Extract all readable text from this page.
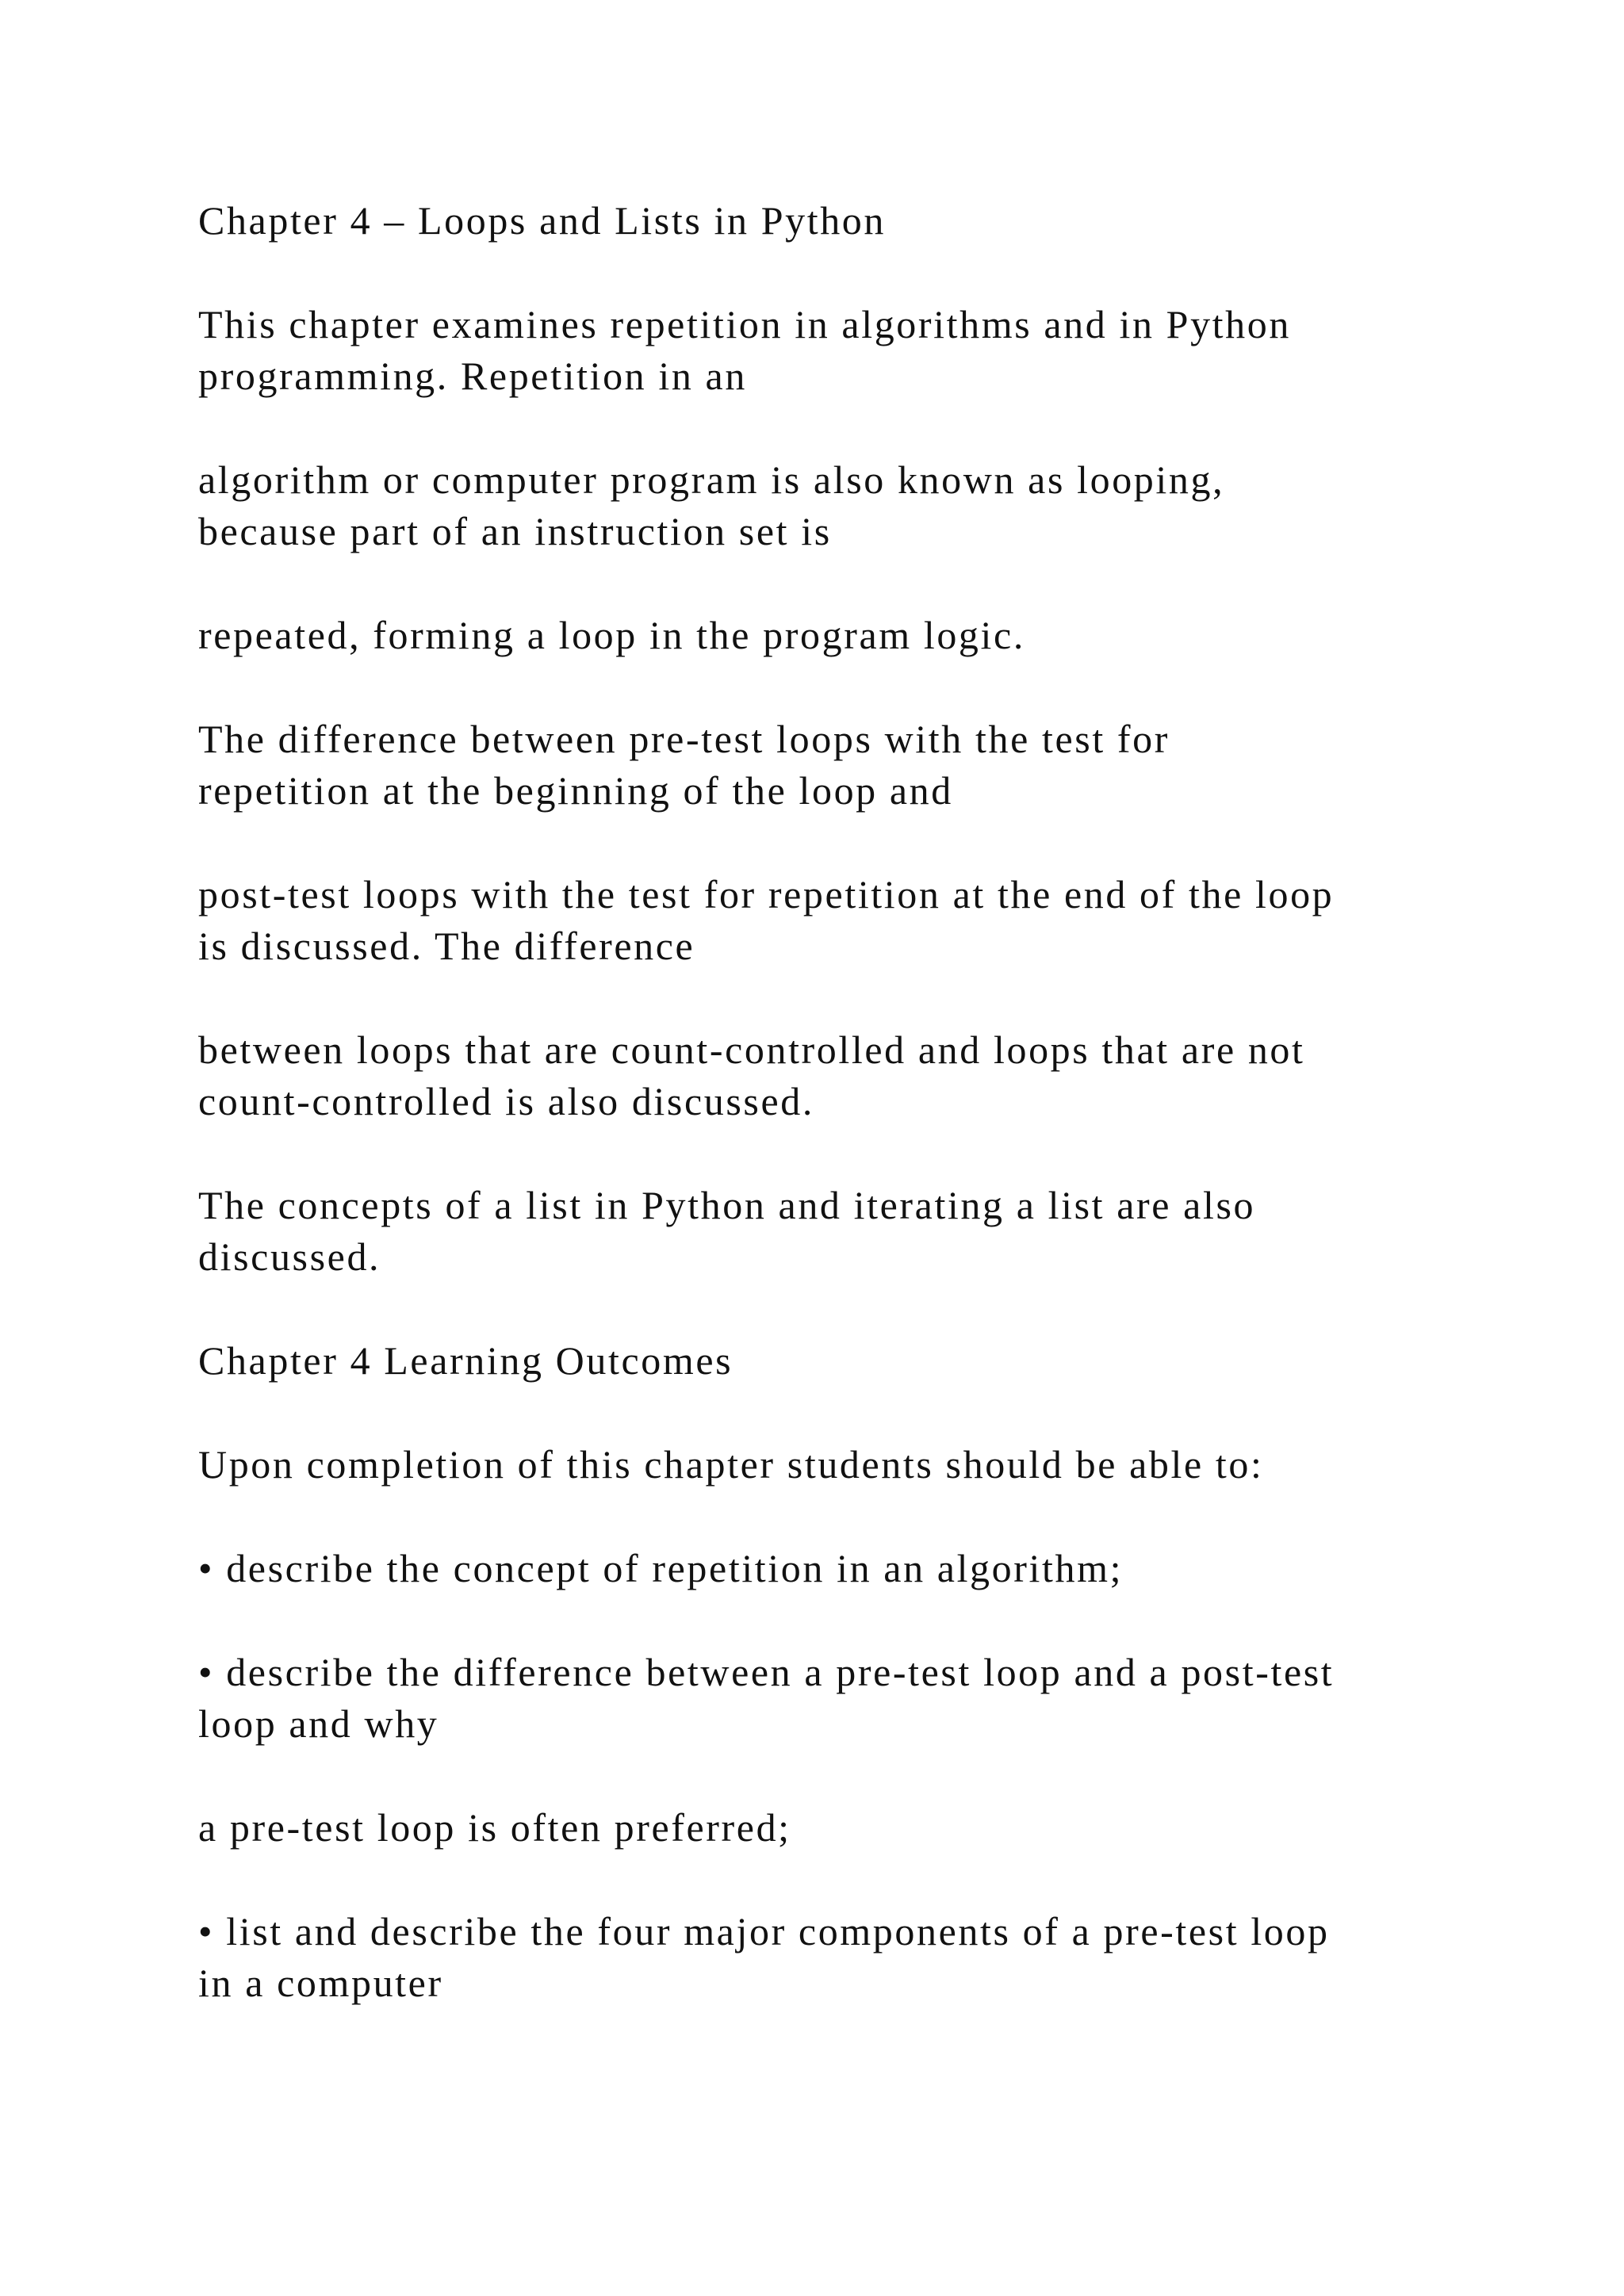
Chapter 4 – Loops and Lists in Python

This chapter examines repetition in algorithms and in Python
programming. Repetition in an

algorithm or computer program is also known as looping,
because part of an instruction set is

repeated, forming a loop in the program logic.

The difference between pre-test loops with the test for
repetition at the beginning of the loop and

post-test loops with the test for repetition at the end of the loop
is discussed. The difference

between loops that are count-controlled and loops that are not
count-controlled is also discussed.

The concepts of a list in Python and iterating a list are also
discussed.

Chapter 4 Learning Outcomes

Upon completion of this chapter students should be able to:

• describe the concept of repetition in an algorithm;

• describe the difference between a pre-test loop and a post-test
loop and why

a pre-test loop is often preferred;

• list and describe the four major components of a pre-test loop
in a computer
